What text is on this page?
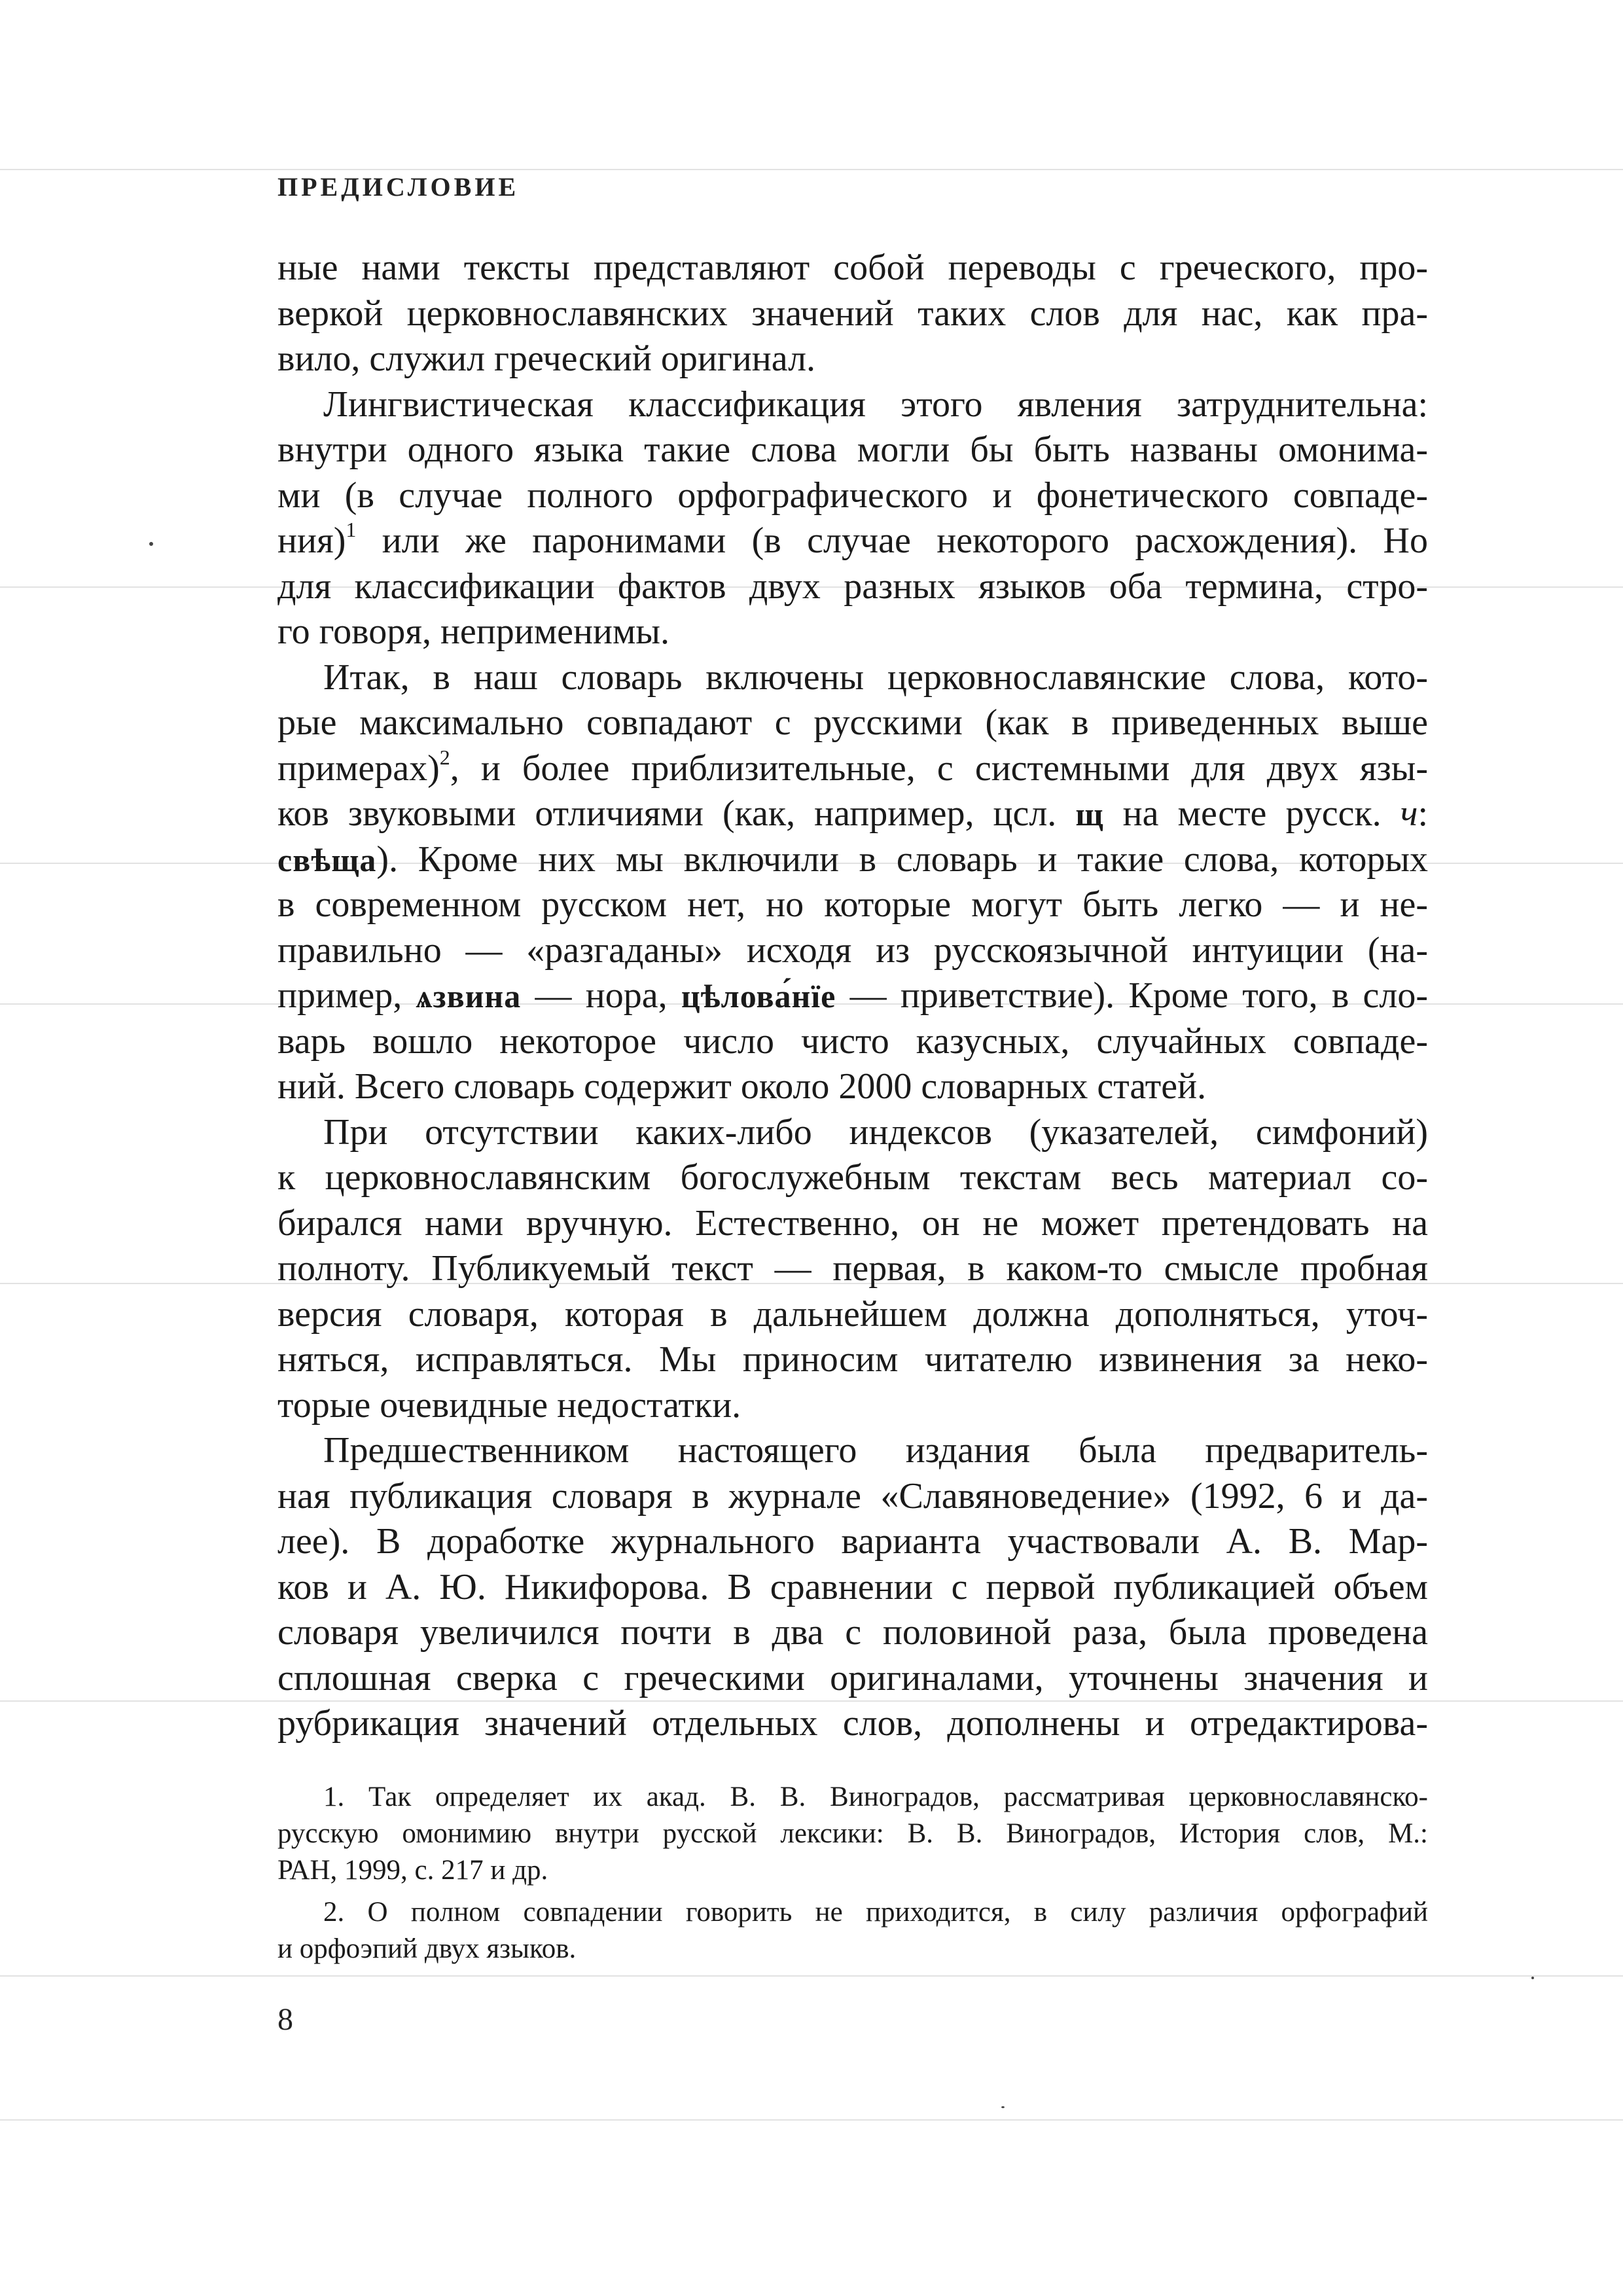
ПРЕДИСЛОВИЕ
ные нами тексты представляют собой переводы с греческого, про-
веркой церковнославянских значений таких слов для нас, как пра-
вило, служил греческий оригинал.
Лингвистическая классификация этого явления затруднительна:
внутри одного языка такие слова могли бы быть названы омонима-
ми (в случае полного орфографического и фонетического совпаде-
ния)$^1$ или же паронимами (в случае некоторого расхождения). Но
для классификации фактов двух разных языков оба термина, стро-
го говоря, неприменимы.
Итак, в наш словарь включены церковнославянские слова, кото-
рые максимально совпадают с русскими (как в приведенных выше
примерах)$^2$, и более приблизительные, с системными для двух язы-
ков звуковыми отличиями (как, например, цсл. щ на месте русск. ч:
свѣща). Кроме них мы включили в словарь и такие слова, которых
в современном русском нет, но которые могут быть легко — и не-
правильно — «разгаданы» исходя из русскоязычной интуиции (на-
пример, ѧзвина — нора, цѣлова́нїе — приветствие). Кроме того, в сло-
варь вошло некоторое число чисто казусных, случайных совпаде-
ний. Всего словарь содержит около 2000 словарных статей.
При отсутствии каких-либо индексов (указателей, симфоний)
к церковнославянским богослужебным текстам весь материал со-
бирался нами вручную. Естественно, он не может претендовать на
полноту. Публикуемый текст — первая, в каком-то смысле пробная
версия словаря, которая в дальнейшем должна дополняться, уточ-
няться, исправляться. Мы приносим читателю извинения за неко-
торые очевидные недостатки.
Предшественником настоящего издания была предваритель-
ная публикация словаря в журнале «Славяноведение» (1992, 6 и да-
лее). В доработке журнального варианта участвовали А. В. Мар-
ков и А. Ю. Никифорова. В сравнении с первой публикацией объем
словаря увеличился почти в два с половиной раза, была проведена
сплошная сверка с греческими оригиналами, уточнены значения и
рубрикация значений отдельных слов, дополнены и отредактирова-
1. Так определяет их акад. В. В. Виноградов, рассматривая церковнославянско-
русскую омонимию внутри русской лексики: В. В. Виноградов, История слов, М.:
РАН, 1999, с. 217 и др.
2. О полном совпадении говорить не приходится, в силу различия орфографий
и орфоэпий двух языков.
8
